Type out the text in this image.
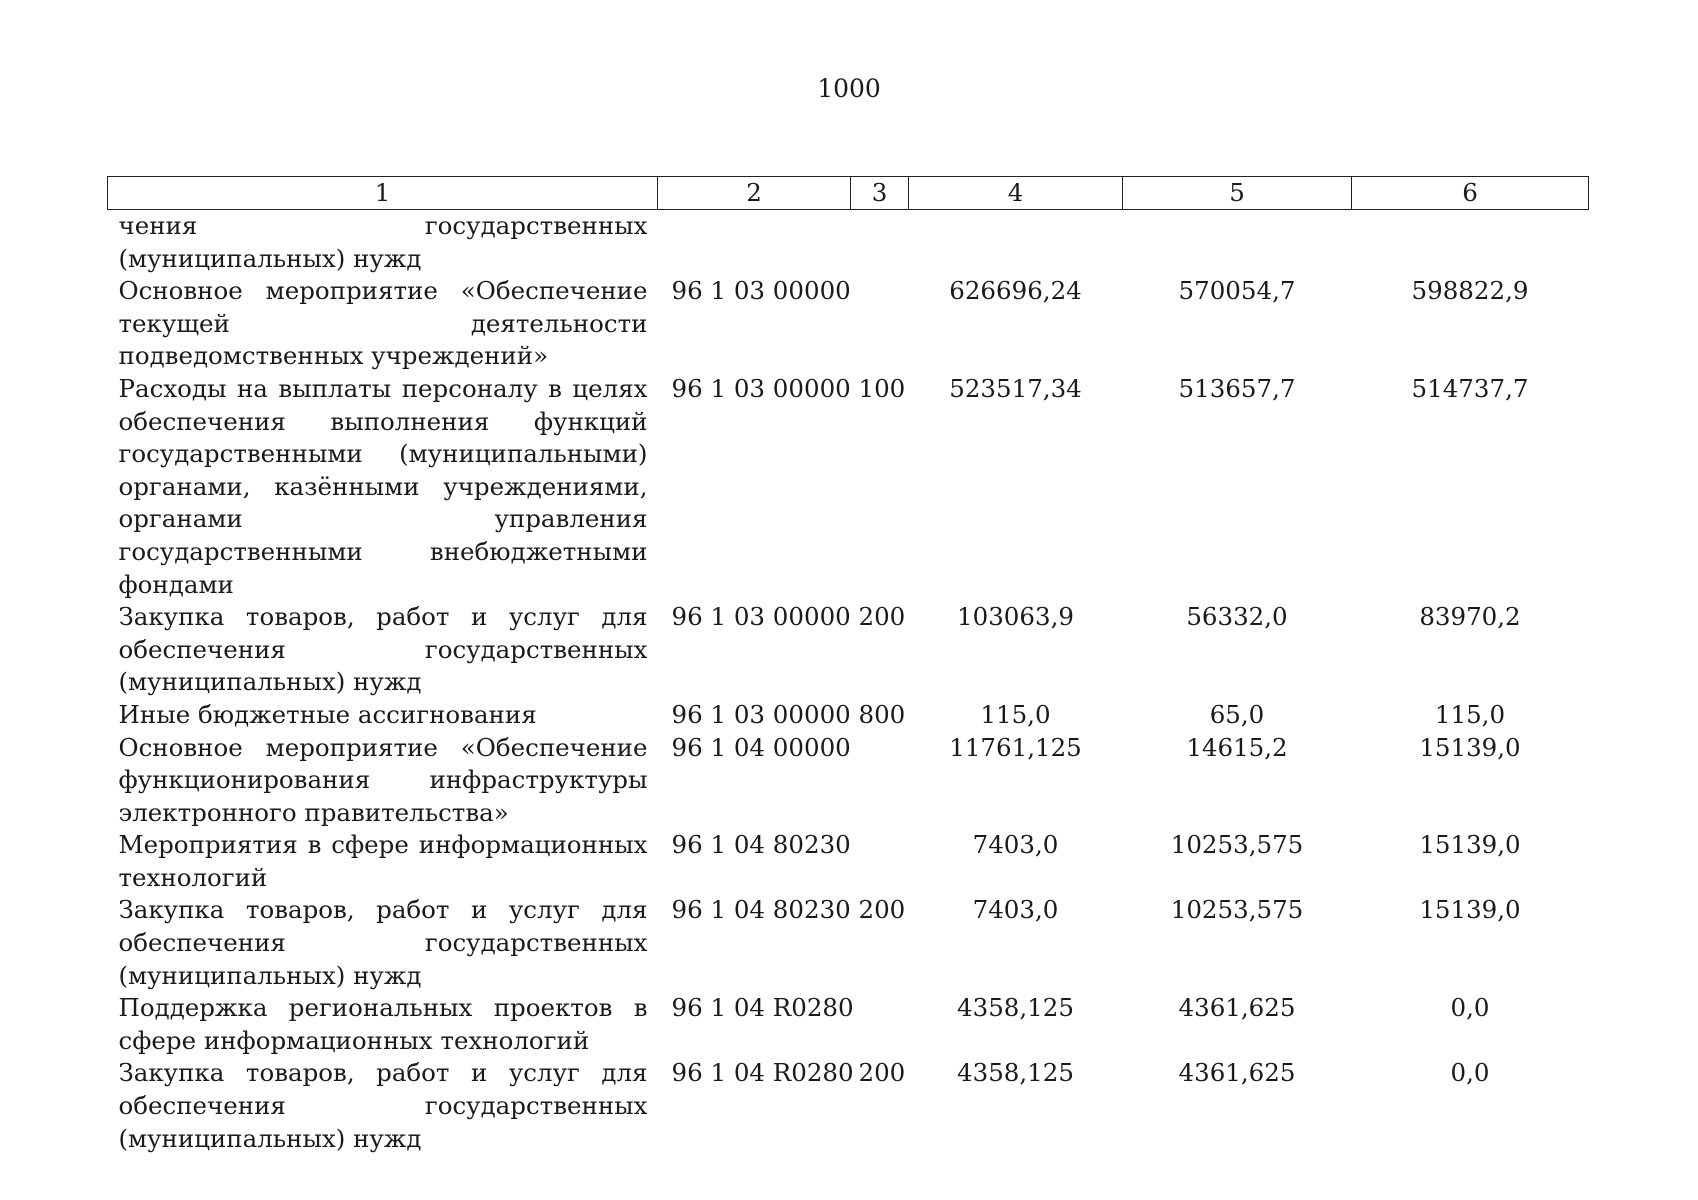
1000
1	2	3	4	5	6
чения государственных (муниципальных) нужд					
Основное мероприятие «Обеспечение текущей деятельности подведомственных учреждений»	96 1 03 00000		626696,24	570054,7	598822,9
Расходы на выплаты персоналу в целях обеспечения выполнения функций государственными (муниципальными) органами, казёнными учреждениями, органами управления государственными внебюджетными фондами	96 1 03 00000	100	523517,34	513657,7	514737,7
Закупка товаров, работ и услуг для обеспечения государственных (муниципальных) нужд	96 1 03 00000	200	103063,9	56332,0	83970,2
Иные бюджетные ассигнования	96 1 03 00000	800	115,0	65,0	115,0
Основное мероприятие «Обеспечение функционирования инфраструктуры электронного правительства»	96 1 04 00000		11761,125	14615,2	15139,0
Мероприятия в сфере информационных технологий	96 1 04 80230		7403,0	10253,575	15139,0
Закупка товаров, работ и услуг для обеспечения государственных (муниципальных) нужд	96 1 04 80230	200	7403,0	10253,575	15139,0
Поддержка региональных проектов в сфере информационных технологий	96 1 04 R0280		4358,125	4361,625	0,0
Закупка товаров, работ и услуг для обеспечения государственных (муниципальных) нужд	96 1 04 R0280	200	4358,125	4361,625	0,0
